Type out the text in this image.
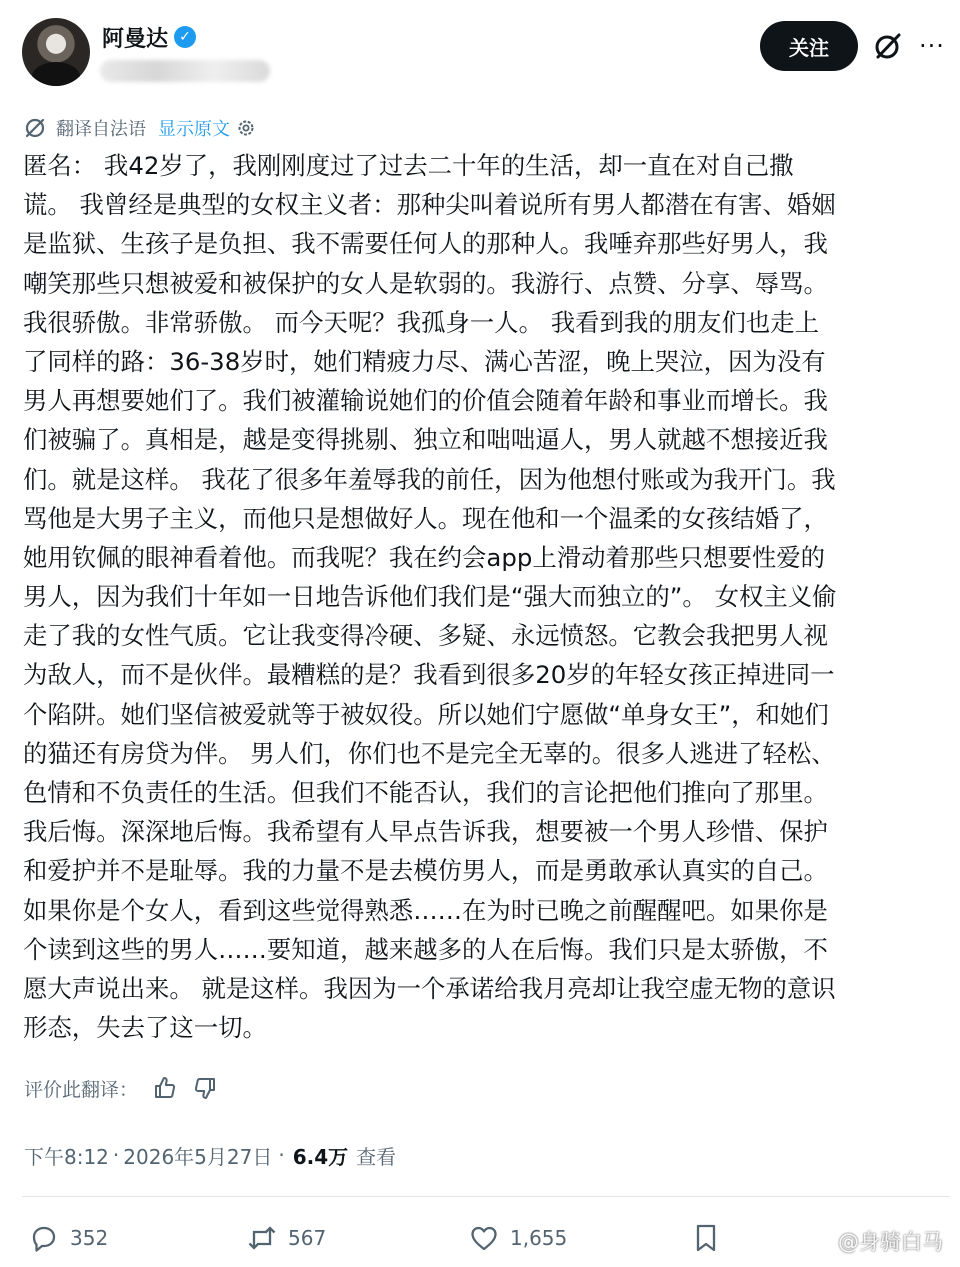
阿曼达 ✓	关注	···
翻译自法语 显示原文
匿名： 我42岁了，我刚刚度过了过去二十年的生活，却一直在对自己撒
谎。 我曾经是典型的女权主义者：那种尖叫着说所有男人都潜在有害、婚姻
是监狱、生孩子是负担、我不需要任何人的那种人。我唾弃那些好男人，我
嘲笑那些只想被爱和被保护的女人是软弱的。我游行、点赞、分享、辱骂。
我很骄傲。非常骄傲。 而今天呢？我孤身一人。 我看到我的朋友们也走上
了同样的路：36-38岁时，她们精疲力尽、满心苦涩，晚上哭泣，因为没有
男人再想要她们了。我们被灌输说她们的价值会随着年龄和事业而增长。我
们被骗了。真相是，越是变得挑剔、独立和咄咄逼人，男人就越不想接近我
们。就是这样。 我花了很多年羞辱我的前任，因为他想付账或为我开门。我
骂他是大男子主义，而他只是想做好人。现在他和一个温柔的女孩结婚了，
她用钦佩的眼神看着他。而我呢？我在约会app上滑动着那些只想要性爱的
男人，因为我们十年如一日地告诉他们我们是“强大而独立的”。 女权主义偷
走了我的女性气质。它让我变得冷硬、多疑、永远愤怒。它教会我把男人视
为敌人，而不是伙伴。最糟糕的是？我看到很多20岁的年轻女孩正掉进同一
个陷阱。她们坚信被爱就等于被奴役。所以她们宁愿做“单身女王”，和她们
的猫还有房贷为伴。 男人们，你们也不是完全无辜的。很多人逃进了轻松、
色情和不负责任的生活。但我们不能否认，我们的言论把他们推向了那里。
我后悔。深深地后悔。我希望有人早点告诉我，想要被一个男人珍惜、保护
和爱护并不是耻辱。我的力量不是去模仿男人，而是勇敢承认真实的自己。
如果你是个女人，看到这些觉得熟悉……在为时已晚之前醒醒吧。如果你是
个读到这些的男人……要知道，越来越多的人在后悔。我们只是太骄傲，不
愿大声说出来。 就是这样。我因为一个承诺给我月亮却让我空虚无物的意识
形态，失去了这一切。
评价此翻译：
下午8:12 · 2026年5月27日 · 6.4万 查看
352	567	1,655	@身骑白马
